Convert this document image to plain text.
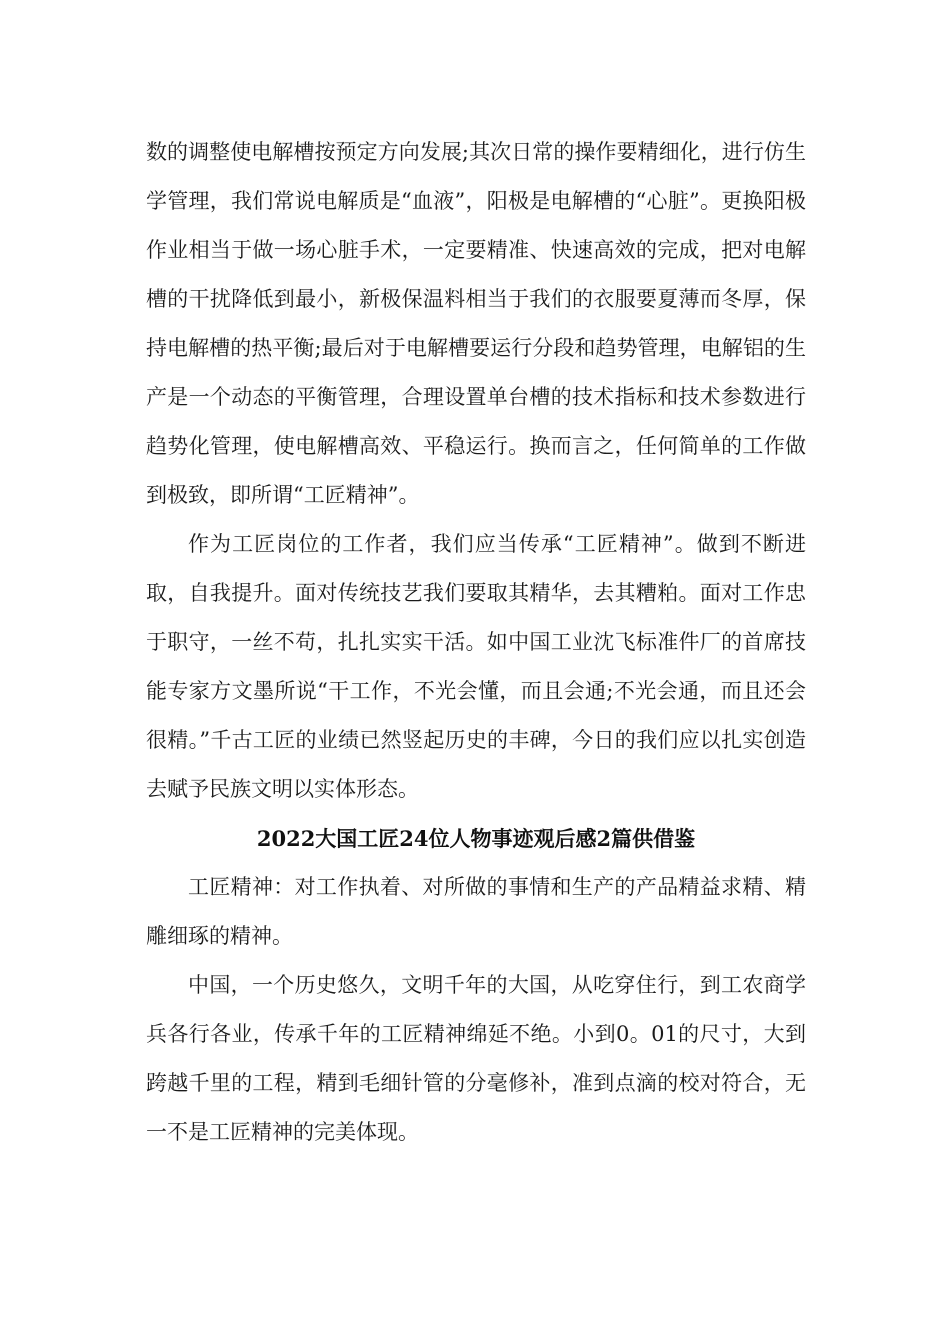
数的调整使电解槽按预定方向发展;其次日常的操作要精细化，进行仿生学管理，我们常说电解质是“血液”，阳极是电解槽的“心脏”。更换阳极作业相当于做一场心脏手术，一定要精准、快速高效的完成，把对电解槽的干扰降低到最小，新极保温料相当于我们的衣服要夏薄而冬厚，保持电解槽的热平衡;最后对于电解槽要运行分段和趋势管理，电解铝的生产是一个动态的平衡管理，合理设置单台槽的技术指标和技术参数进行趋势化管理，使电解槽高效、平稳运行。换而言之，任何简单的工作做到极致，即所谓“工匠精神”。

作为工匠岗位的工作者，我们应当传承“工匠精神”。做到不断进取，自我提升。面对传统技艺我们要取其精华，去其糟粕。面对工作忠于职守，一丝不苟，扎扎实实干活。如中国工业沈飞标准件厂的首席技能专家方文墨所说“干工作，不光会懂，而且会通;不光会通，而且还会很精。”千古工匠的业绩已然竖起历史的丰碑，今日的我们应以扎实创造去赋予民族文明以实体形态。

2022大国工匠24位人物事迹观后感2篇供借鉴

工匠精神：对工作执着、对所做的事情和生产的产品精益求精、精雕细琢的精神。

中国，一个历史悠久，文明千年的大国，从吃穿住行，到工农商学兵各行各业，传承千年的工匠精神绵延不绝。小到0。01的尺寸，大到跨越千里的工程，精到毛细针管的分毫修补，准到点滴的校对符合，无一不是工匠精神的完美体现。
